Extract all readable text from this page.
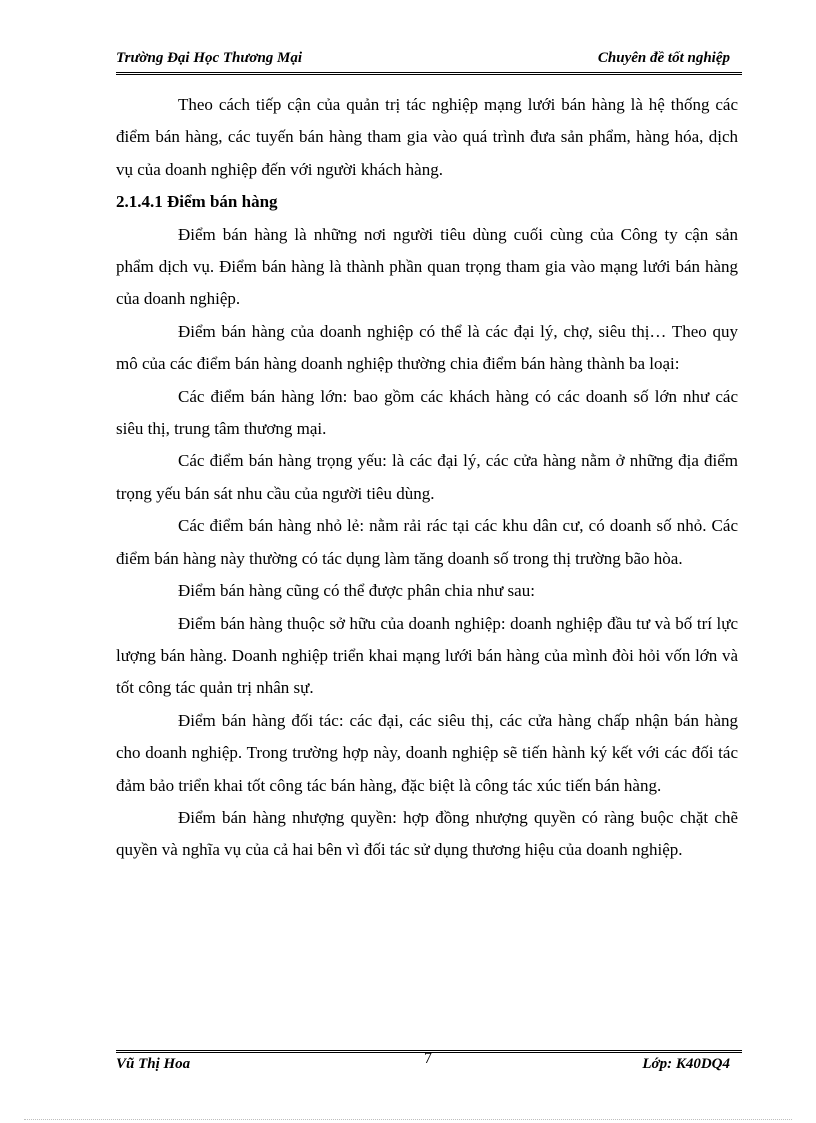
Trường Đại Học Thương Mại	Chuyên đề tốt nghiệp

Theo cách tiếp cận của quản trị tác nghiệp mạng lưới bán hàng là hệ thống các điểm bán hàng, các tuyến bán hàng tham gia vào quá trình đưa sản phẩm, hàng hóa, dịch vụ của doanh nghiệp đến với người khách hàng.

2.1.4.1 Điểm bán hàng

Điểm bán hàng là những nơi người tiêu dùng cuối cùng của Công ty cận sản phẩm dịch vụ. Điểm bán hàng là thành phần quan trọng tham gia vào mạng lưới bán hàng của doanh nghiệp.

Điểm bán hàng của doanh nghiệp có thể là các đại lý, chợ, siêu thị… Theo quy mô của các điểm bán hàng doanh nghiệp thường chia điểm bán hàng thành ba loại:

Các điểm bán hàng lớn: bao gồm các khách hàng có các doanh số lớn như các siêu thị, trung tâm thương mại.

Các điểm bán hàng trọng yếu: là các đại lý, các cửa hàng nằm ở những địa điểm trọng yếu bán sát nhu cầu của người tiêu dùng.

Các điểm bán hàng nhỏ lẻ: nằm rải rác tại các khu dân cư, có doanh số nhỏ. Các điểm bán hàng này thường có tác dụng làm tăng doanh số trong thị trường bão hòa.

Điểm bán hàng cũng có thể được phân chia như sau:

Điểm bán hàng thuộc sở hữu của doanh nghiệp: doanh nghiệp đầu tư và bố trí lực lượng bán hàng. Doanh nghiệp triển khai mạng lưới bán hàng của mình đòi hỏi vốn lớn và tốt công tác quản trị nhân sự.

Điểm bán hàng đối tác: các đại, các siêu thị, các cửa hàng chấp nhận bán hàng cho doanh nghiệp. Trong trường hợp này, doanh nghiệp sẽ tiến hành ký kết với các đối tác đảm bảo triển khai tốt công tác bán hàng, đặc biệt là công tác xúc tiến bán hàng.

Điểm bán hàng nhượng quyền: hợp đồng nhượng quyền có ràng buộc chặt chẽ quyền và nghĩa vụ của cả hai bên vì đối tác sử dụng thương hiệu của doanh nghiệp.

Vũ Thị Hoa	7	Lớp: K40DQ4
